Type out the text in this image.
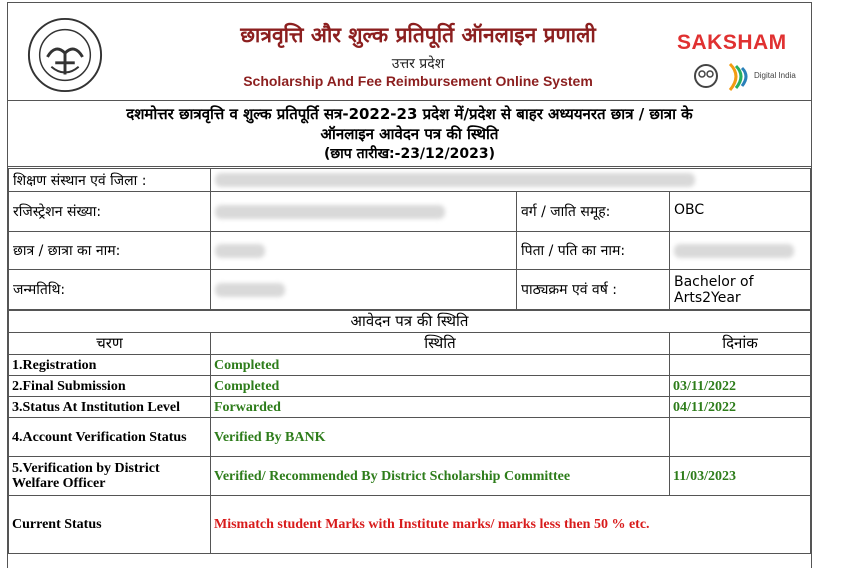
छात्रवृत्ति और शुल्क प्रतिपूर्ति ऑनलाइन प्रणाली
उत्तर प्रदेश
Scholarship And Fee Reimbursement Online System
SAKSHAM
Digital India
दशमोत्तर छात्रवृत्ति व शुल्क प्रतिपूर्ति सत्र-2022-23 प्रदेश में/प्रदेश से बाहर अध्ययनरत छात्र / छात्रा के
ऑनलाइन आवेदन पत्र की स्थिति
(छाप तारीख:-23/12/2023)
शिक्षण संस्थान एवं जिला :			
रजिस्ट्रेशन संख्या:		वर्ग / जाति समूह:	OBC
छात्र / छात्रा का नाम:		पिता / पति का नाम:	
जन्मतिथि:		पाठ्यक्रम एवं वर्ष :	Bachelor of Arts2Year
आवेदन पत्र की स्थिति		
चरण	स्थिति	दिनांक
1.Registration	Completed	
2.Final Submission	Completed	03/11/2022
3.Status At Institution Level	Forwarded	04/11/2022
4.Account Verification Status	Verified By BANK	
5.Verification by District Welfare Officer	Verified/ Recommended By District Scholarship Committee	11/03/2023
Current Status	Mismatch student Marks with Institute marks/ marks less then 50 % etc.	
